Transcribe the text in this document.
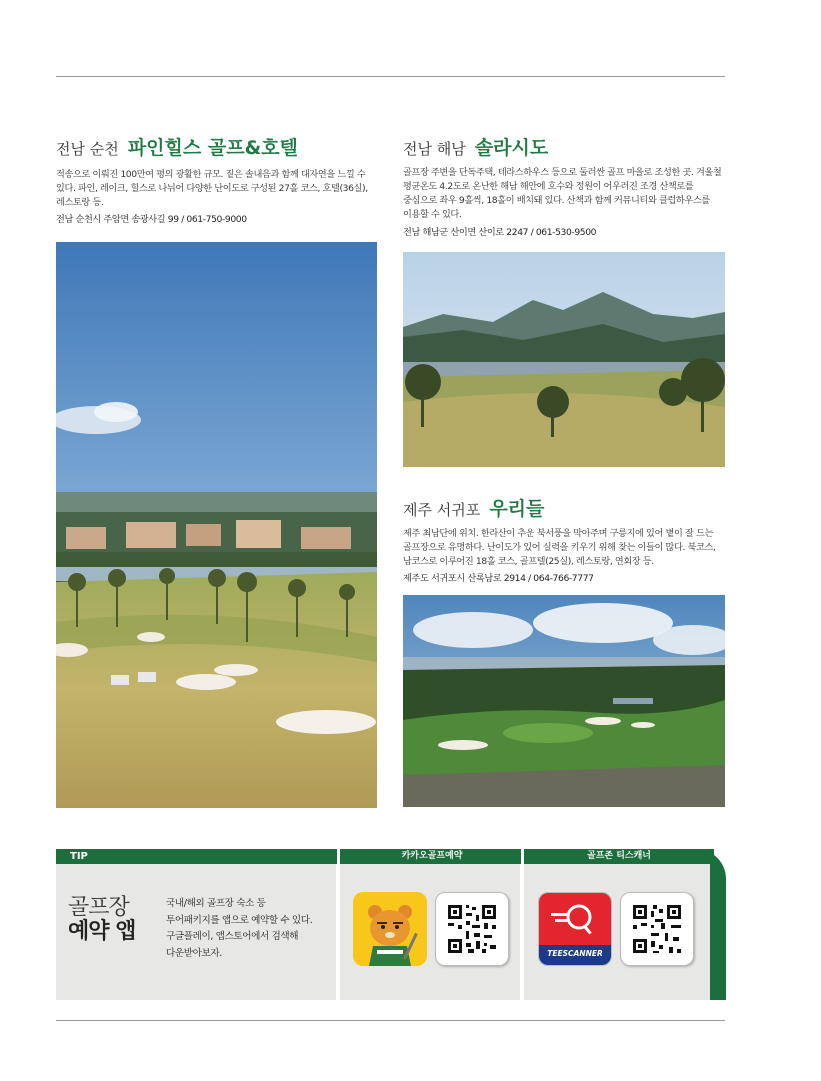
전남 순천 파인힐스 골프&호텔
적송으로 이뤄진 100만여 평의 광활한 규모. 짙은 솔내음과 함께 대자연을 느낄 수
있다. 파인, 레이크, 힐스로 나뉘어 다양한 난이도로 구성된 27홀 코스, 호텔(36실),
레스토랑 등.
전남 순천시 주암면 송광사길 99 / 061-750-9000
전남 해남 솔라시도
골프장 주변을 단독주택, 테라스하우스 등으로 둘러싼 골프 마을로 조성한 곳. 겨울철
평균온도 4.2도로 온난한 해남 해안에 호수와 정원이 어우러진 조경 산책로를
중심으로 좌우 9홀씩, 18홀이 배치돼 있다. 산책과 함께 커뮤니티와 클럽하우스를
이용할 수 있다.
전남 해남군 산이면 산이로 2247 / 061-530-9500
제주 서귀포 우리들
제주 최남단에 위치. 한라산이 추운 북서풍을 막아주며 구릉지에 있어 볕이 잘 드는
골프장으로 유명하다. 난이도가 있어 실력을 키우기 위해 찾는 이들이 많다. 북코스,
남코스로 이루어진 18홀 코스, 골프텔(25실), 레스토랑, 연회장 등.
제주도 서귀포시 산록남로 2914 / 064-766-7777
TIP	카카오골프예약	골프존 티스캐너
골프장
예약 앱
국내/해외 골프장 숙소 등
투어패키지를 앱으로 예약할 수 있다.
구글플레이, 앱스토어에서 검색해
다운받아보자.	TEESCANNER
